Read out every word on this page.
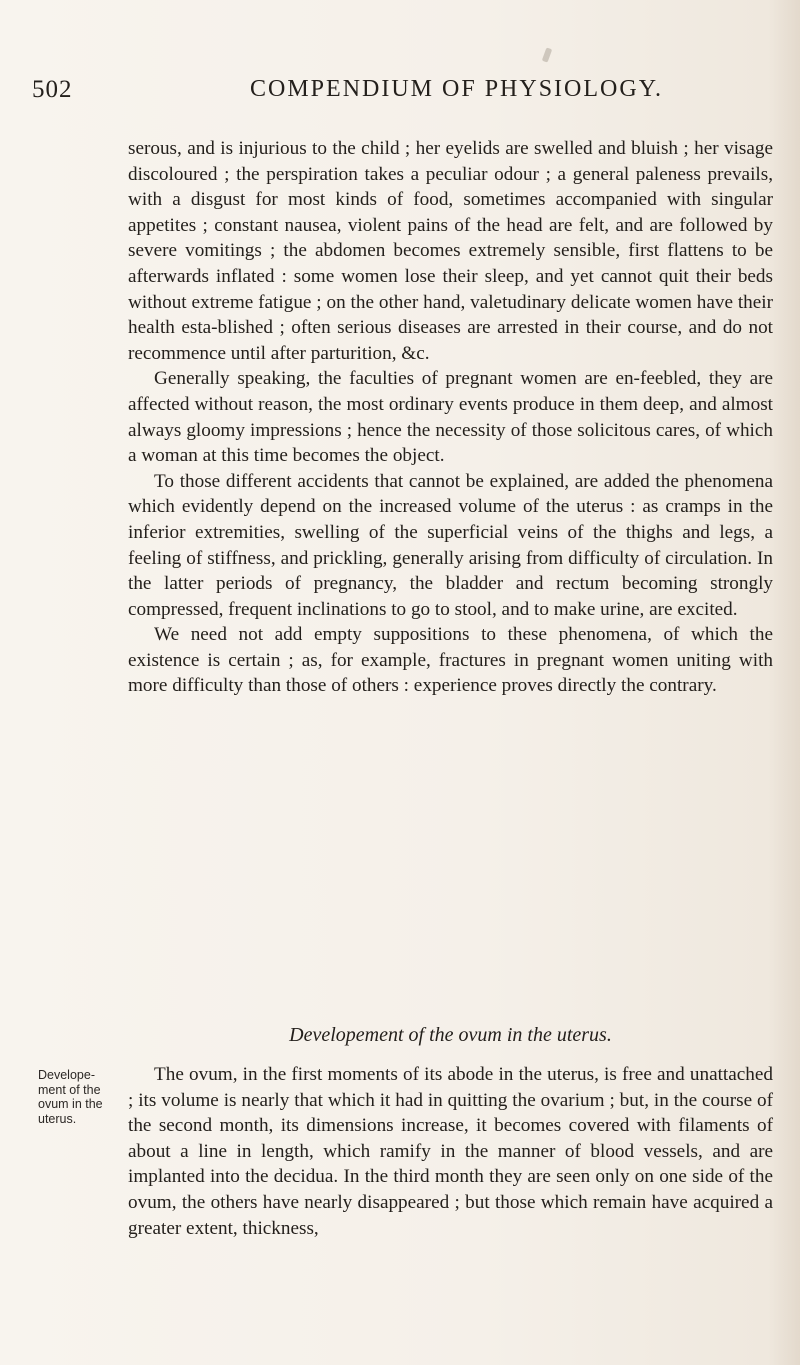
502	COMPENDIUM OF PHYSIOLOGY.

serous, and is injurious to the child ; her eyelids are swelled and bluish ; her visage discoloured ; the perspiration takes a peculiar odour ; a general paleness prevails, with a disgust for most kinds of food, sometimes accompanied with singular appetites ; constant nausea, violent pains of the head are felt, and are followed by severe vomitings ; the abdomen becomes extremely sensible, first flattens to be afterwards inflated : some women lose their sleep, and yet cannot quit their beds without extreme fatigue ; on the other hand, valetudinary delicate women have their health esta-blished ; often serious diseases are arrested in their course, and do not recommence until after parturition, &c.

Generally speaking, the faculties of pregnant women are en-feebled, they are affected without reason, the most ordinary events produce in them deep, and almost always gloomy impressions ; hence the necessity of those solicitous cares, of which a woman at this time becomes the object.

To those different accidents that cannot be explained, are added the phenomena which evidently depend on the increased volume of the uterus : as cramps in the inferior extremities, swelling of the superficial veins of the thighs and legs, a feeling of stiffness, and prickling, generally arising from difficulty of circulation. In the latter periods of pregnancy, the bladder and rectum becoming strongly compressed, frequent inclinations to go to stool, and to make urine, are excited.

We need not add empty suppositions to these phenomena, of which the existence is certain ; as, for example, fractures in pregnant women uniting with more difficulty than those of others : experience proves directly the contrary.

Developement of the ovum in the uterus.
Develope-
ment of the
ovum in the
uterus.

The ovum, in the first moments of its abode in the uterus, is free and unattached ; its volume is nearly that which it had in quitting the ovarium ; but, in the course of the second month, its dimensions increase, it becomes covered with filaments of about a line in length, which ramify in the manner of blood vessels, and are implanted into the decidua. In the third month they are seen only on one side of the ovum, the others have nearly disappeared ; but those which remain have acquired a greater extent, thickness,
